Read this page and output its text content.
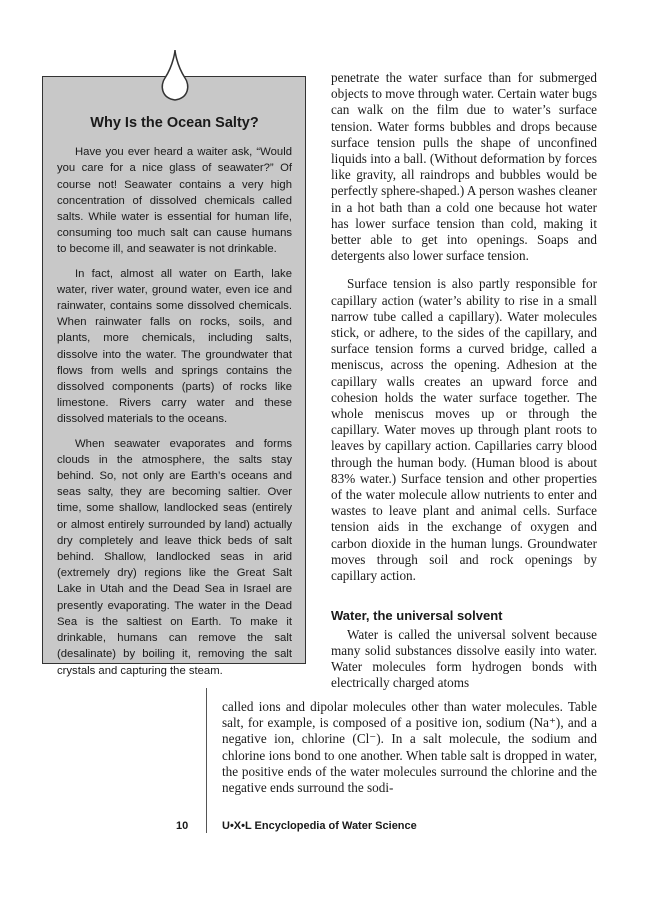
Why Is the Ocean Salty?

Have you ever heard a waiter ask, “Would you care for a nice glass of seawater?” Of course not! Seawater contains a very high concentration of dissolved chemicals called salts. While water is essential for human life, consuming too much salt can cause humans to become ill, and seawater is not drinkable.

In fact, almost all water on Earth, lake water, river water, ground water, even ice and rainwater, contains some dissolved chemicals. When rainwater falls on rocks, soils, and plants, more chemicals, including salts, dissolve into the water. The groundwater that flows from wells and springs contains the dissolved components (parts) of rocks like limestone. Rivers carry water and these dissolved materials to the oceans.

When seawater evaporates and forms clouds in the atmosphere, the salts stay behind. So, not only are Earth’s oceans and seas salty, they are becoming saltier. Over time, some shallow, landlocked seas (entirely or almost entirely surrounded by land) actually dry completely and leave thick beds of salt behind. Shallow, landlocked seas in arid (extremely dry) regions like the Great Salt Lake in Utah and the Dead Sea in Israel are presently evaporating. The water in the Dead Sea is the saltiest on Earth. To make it drinkable, humans can remove the salt (desalinate) by boiling it, removing the salt crystals and capturing the steam.

penetrate the water surface than for submerged objects to move through water. Certain water bugs can walk on the film due to water’s surface tension. Water forms bubbles and drops because surface tension pulls the shape of unconfined liquids into a ball. (Without deformation by forces like gravity, all raindrops and bubbles would be perfectly sphere-shaped.) A person washes cleaner in a hot bath than a cold one because hot water has lower surface tension than cold, making it better able to get into openings. Soaps and detergents also lower surface tension.

Surface tension is also partly responsible for capillary action (water’s ability to rise in a small narrow tube called a capillary). Water molecules stick, or adhere, to the sides of the capillary, and surface tension forms a curved bridge, called a meniscus, across the opening. Adhesion at the capillary walls creates an upward force and cohesion holds the water surface together. The whole meniscus moves up or through the capillary. Water moves up through plant roots to leaves by capillary action. Capillaries carry blood through the human body. (Human blood is about 83% water.) Surface tension and other properties of the water molecule allow nutrients to enter and wastes to leave plant and animal cells. Surface tension aids in the exchange of oxygen and carbon dioxide in the human lungs. Groundwater moves through soil and rock openings by capillary action.

Water, the universal solvent

Water is called the universal solvent because many solid substances dissolve easily into water. Water molecules form hydrogen bonds with electrically charged atoms

called ions and dipolar molecules other than water molecules. Table salt, for example, is composed of a positive ion, sodium (Na⁺), and a negative ion, chlorine (Cl⁻). In a salt molecule, the sodium and chlorine ions bond to one another. When table salt is dropped in water, the positive ends of the water molecules surround the chlorine and the negative ends surround the sodi-

10	U•X•L Encyclopedia of Water Science
